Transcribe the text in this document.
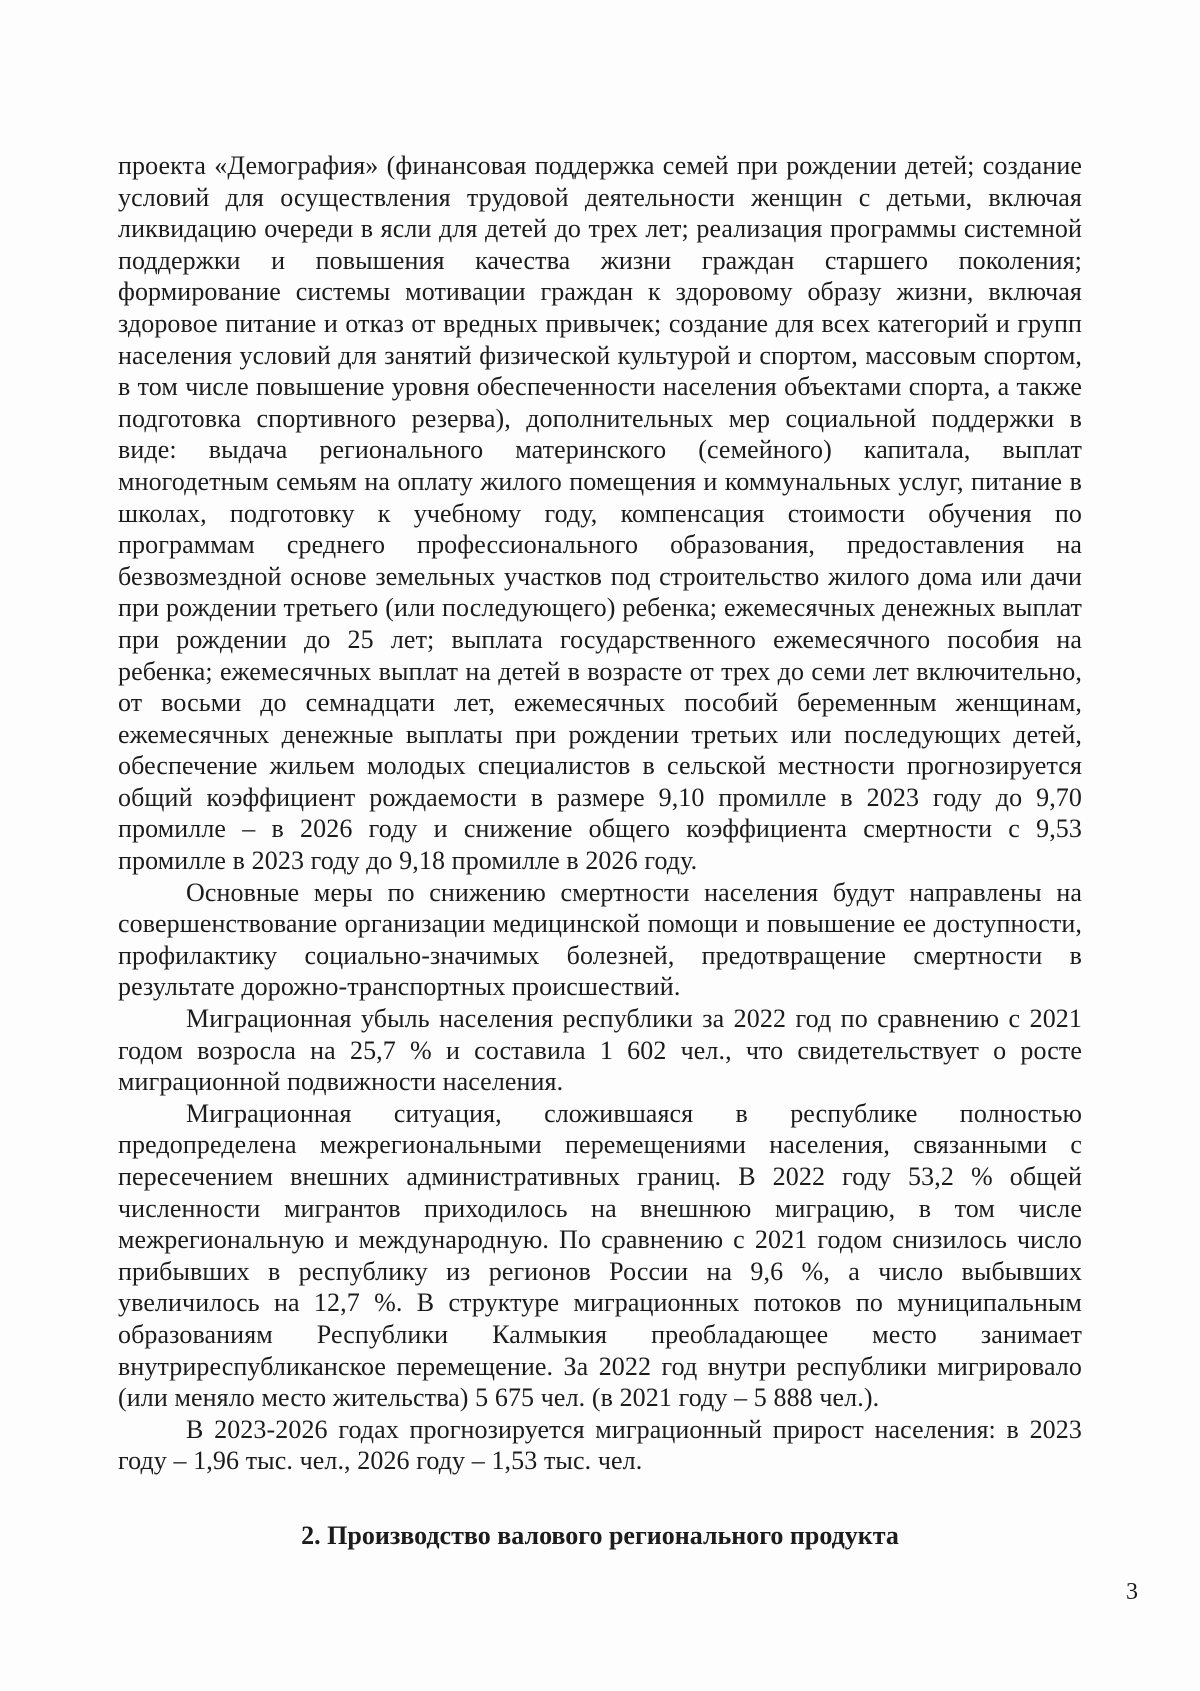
проекта «Демография» (финансовая поддержка семей при рождении детей; создание условий для осуществления трудовой деятельности женщин с детьми, включая ликвидацию очереди в ясли для детей до трех лет; реализация программы системной поддержки и повышения качества жизни граждан старшего поколения; формирование системы мотивации граждан к здоровому образу жизни, включая здоровое питание и отказ от вредных привычек; создание для всех категорий и групп населения условий для занятий физической культурой и спортом, массовым спортом, в том числе повышение уровня обеспеченности населения объектами спорта, а также подготовка спортивного резерва), дополнительных мер социальной поддержки в виде: выдача регионального материнского (семейного) капитала, выплат многодетным семьям на оплату жилого помещения и коммунальных услуг, питание в школах, подготовку к учебному году, компенсация стоимости обучения по программам среднего профессионального образования, предоставления на безвозмездной основе земельных участков под строительство жилого дома или дачи при рождении третьего (или последующего) ребенка; ежемесячных денежных выплат при рождении до 25 лет; выплата государственного ежемесячного пособия на ребенка; ежемесячных выплат на детей в возрасте от трех до семи лет включительно, от восьми до семнадцати лет, ежемесячных пособий беременным женщинам, ежемесячных денежные выплаты при рождении третьих или последующих детей, обеспечение жильем молодых специалистов в сельской местности прогнозируется общий коэффициент рождаемости в размере 9,10 промилле в 2023 году до 9,70 промилле – в 2026 году и снижение общего коэффициента смертности с 9,53 промилле в 2023 году до 9,18 промилле в 2026 году.

Основные меры по снижению смертности населения будут направлены на совершенствование организации медицинской помощи и повышение ее доступности, профилактику социально-значимых болезней, предотвращение смертности в результате дорожно-транспортных происшествий.

Миграционная убыль населения республики за 2022 год по сравнению с 2021 годом возросла на 25,7 % и составила 1 602 чел., что свидетельствует о росте миграционной подвижности населения.

Миграционная ситуация, сложившаяся в республике полностью предопределена межрегиональными перемещениями населения, связанными с пересечением внешних административных границ. В 2022 году 53,2 % общей численности мигрантов приходилось на внешнюю миграцию, в том числе межрегиональную и международную. По сравнению с 2021 годом снизилось число прибывших в республику из регионов России на 9,6 %, а число выбывших увеличилось на 12,7 %. В структуре миграционных потоков по муниципальным образованиям Республики Калмыкия преобладающее место занимает внутриреспубликанское перемещение. За 2022 год внутри республики мигрировало (или меняло место жительства) 5 675 чел. (в 2021 году – 5 888 чел.).

В 2023-2026 годах прогнозируется миграционный прирост населения: в 2023 году – 1,96 тыс. чел., 2026 году – 1,53 тыс. чел.

2. Производство валового регионального продукта
3
